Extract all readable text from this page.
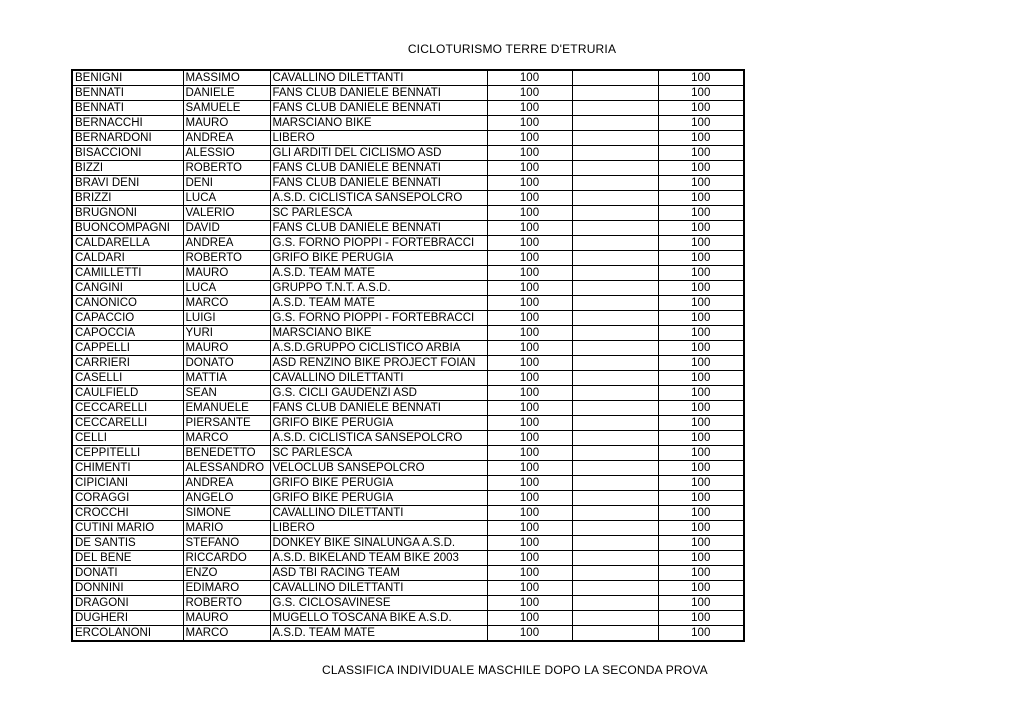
CICLOTURISMO TERRE D'ETRURIA
BENIGNI	MASSIMO	CAVALLINO DILETTANTI	100		100
BENNATI	DANIELE	FANS CLUB DANIELE BENNATI	100		100
BENNATI	SAMUELE	FANS CLUB DANIELE BENNATI	100		100
BERNACCHI	MAURO	MARSCIANO BIKE	100		100
BERNARDONI	ANDREA	LIBERO	100		100
BISACCIONI	ALESSIO	GLI ARDITI DEL CICLISMO ASD	100		100
BIZZI	ROBERTO	FANS CLUB DANIELE BENNATI	100		100
BRAVI DENI	DENI	FANS CLUB DANIELE BENNATI	100		100
BRIZZI	LUCA	A.S.D. CICLISTICA SANSEPOLCRO	100		100
BRUGNONI	VALERIO	SC PARLESCA	100		100
BUONCOMPAGNI	DAVID	FANS CLUB DANIELE BENNATI	100		100
CALDARELLA	ANDREA	G.S. FORNO PIOPPI - FORTEBRACCI	100		100
CALDARI	ROBERTO	GRIFO BIKE PERUGIA	100		100
CAMILLETTI	MAURO	A.S.D. TEAM MATE	100		100
CANGINI	LUCA	GRUPPO T.N.T. A.S.D.	100		100
CANONICO	MARCO	A.S.D. TEAM MATE	100		100
CAPACCIO	LUIGI	G.S. FORNO PIOPPI - FORTEBRACCI	100		100
CAPOCCIA	YURI	MARSCIANO BIKE	100		100
CAPPELLI	MAURO	A.S.D.GRUPPO CICLISTICO ARBIA	100		100
CARRIERI	DONATO	ASD RENZINO BIKE PROJECT FOIAN	100		100
CASELLI	MATTIA	CAVALLINO DILETTANTI	100		100
CAULFIELD	SEAN	G.S. CICLI GAUDENZI ASD	100		100
CECCARELLI	EMANUELE	FANS CLUB DANIELE BENNATI	100		100
CECCARELLI	PIERSANTE	GRIFO BIKE PERUGIA	100		100
CELLI	MARCO	A.S.D. CICLISTICA SANSEPOLCRO	100		100
CEPPITELLI	BENEDETTO	SC PARLESCA	100		100
CHIMENTI	ALESSANDRO	VELOCLUB SANSEPOLCRO	100		100
CIPICIANI	ANDREA	GRIFO BIKE PERUGIA	100		100
CORAGGI	ANGELO	GRIFO BIKE PERUGIA	100		100
CROCCHI	SIMONE	CAVALLINO DILETTANTI	100		100
CUTINI MARIO	MARIO	LIBERO	100		100
DE SANTIS	STEFANO	DONKEY BIKE SINALUNGA A.S.D.	100		100
DEL BENE	RICCARDO	A.S.D. BIKELAND TEAM BIKE 2003	100		100
DONATI	ENZO	ASD TBI RACING TEAM	100		100
DONNINI	EDIMARO	CAVALLINO DILETTANTI	100		100
DRAGONI	ROBERTO	G.S. CICLOSAVINESE	100		100
DUGHERI	MAURO	MUGELLO TOSCANA BIKE A.S.D.	100		100
ERCOLANONI	MARCO	A.S.D. TEAM MATE	100		100
CLASSIFICA INDIVIDUALE MASCHILE DOPO LA SECONDA PROVA
